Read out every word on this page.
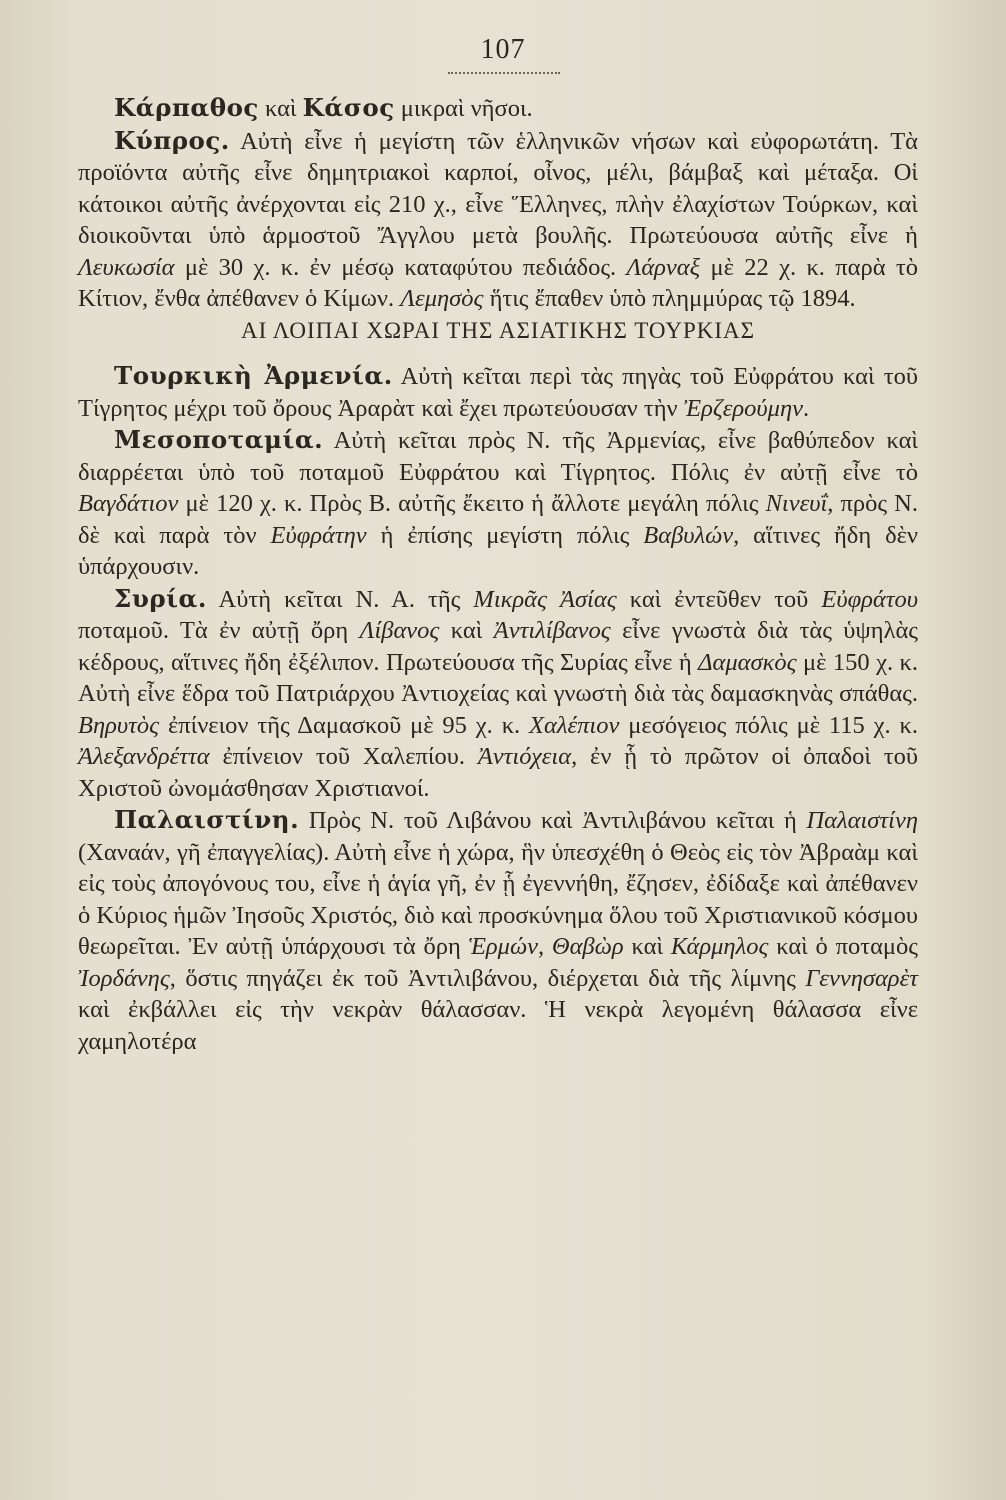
107

Κάρπαθος καὶ Κάσος μικραὶ νῆσοι.

Κύπρος. Αὐτὴ εἶνε ἡ μεγίστη τῶν ἑλληνικῶν νήσων καὶ εὐφορωτάτη. Τὰ προϊόντα αὐτῆς εἶνε δημητριακοὶ καρποί, οἶνος, μέλι, βάμβαξ καὶ μέταξα. Οἱ κάτοικοι αὐτῆς ἀνέρχονται εἰς 210 χ., εἶνε Ἕλληνες, πλὴν ἐλαχίστων Τούρκων, καὶ διοικοῦνται ὑπὸ ἁρμοστοῦ Ἄγγλου μετὰ βουλῆς. Πρωτεύουσα αὐτῆς εἶνε ἡ Λευκωσία μὲ 30 χ. κ. ἐν μέσῳ καταφύτου πεδιάδος. Λάρναξ μὲ 22 χ. κ. παρὰ τὸ Κίτιον, ἔνθα ἀπέθανεν ὁ Κίμων. Λεμησὸς ἥτις ἔπαθεν ὑπὸ πλημμύρας τῷ 1894.

ΑΙ ΛΟΙΠΑΙ ΧΩΡΑΙ ΤΗΣ ΑΣΙΑΤΙΚΗΣ ΤΟΥΡΚΙΑΣ

Τουρκικὴ Ἀρμενία. Αὐτὴ κεῖται περὶ τὰς πηγὰς τοῦ Εὐφράτου καὶ τοῦ Τίγρητος μέχρι τοῦ ὄρους Ἀραρὰτ καὶ ἔχει πρωτεύουσαν τὴν Ἐρζερούμην.

Μεσοποταμία. Αὐτὴ κεῖται πρὸς Ν. τῆς Ἀρμενίας, εἶνε βαθύπεδον καὶ διαρρέεται ὑπὸ τοῦ ποταμοῦ Εὐφράτου καὶ Τίγρητος. Πόλις ἐν αὐτῇ εἶνε τὸ Βαγδάτιον μὲ 120 χ. κ. Πρὸς Β. αὐτῆς ἔκειτο ἡ ἄλλοτε μεγάλη πόλις Νινευΐ, πρὸς Ν. δὲ καὶ παρὰ τὸν Εὐφράτην ἡ ἐπίσης μεγίστη πόλις Βαβυλών, αἵτινες ἤδη δὲν ὑπάρχουσιν.

Συρία. Αὐτὴ κεῖται Ν. Α. τῆς Μικρᾶς Ἀσίας καὶ ἐντεῦθεν τοῦ Εὐφράτου ποταμοῦ. Τὰ ἐν αὐτῇ ὄρη Λίβανος καὶ Ἀντιλίβανος εἶνε γνωστὰ διὰ τὰς ὑψηλὰς κέδρους, αἵτινες ἤδη ἐξέλιπον. Πρωτεύουσα τῆς Συρίας εἶνε ἡ Δαμασκὸς μὲ 150 χ. κ. Αὐτὴ εἶνε ἕδρα τοῦ Πατριάρχου Ἀντιοχείας καὶ γνωστὴ διὰ τὰς δαμασκηνὰς σπάθας. Βηρυτὸς ἐπίνειον τῆς Δαμασκοῦ μὲ 95 χ. κ. Χαλέπιον μεσόγειος πόλις μὲ 115 χ. κ. Ἀλεξανδρέττα ἐπίνειον τοῦ Χαλεπίου. Ἀντιόχεια, ἐν ᾗ τὸ πρῶτον οἱ ὀπαδοὶ τοῦ Χριστοῦ ὠνομάσθησαν Χριστιανοί.

Παλαιστίνη. Πρὸς Ν. τοῦ Λιβάνου καὶ Ἀντιλιβάνου κεῖται ἡ Παλαιστίνη (Χαναάν, γῆ ἐπαγγελίας). Αὐτὴ εἶνε ἡ χώρα, ἣν ὑπεσχέθη ὁ Θεὸς εἰς τὸν Ἀβραὰμ καὶ εἰς τοὺς ἀπογόνους του, εἶνε ἡ ἁγία γῆ, ἐν ᾗ ἐγεννήθη, ἔζησεν, ἐδίδαξε καὶ ἀπέθανεν ὁ Κύριος ἡμῶν Ἰησοῦς Χριστός, διὸ καὶ προσκύνημα ὅλου τοῦ Χριστιανικοῦ κόσμου θεωρεῖται. Ἐν αὐτῇ ὑπάρχουσι τὰ ὄρη Ἑρμών, Θαβὼρ καὶ Κάρμηλος καὶ ὁ ποταμὸς Ἰορδάνης, ὅστις πηγάζει ἐκ τοῦ Ἀντιλιβάνου, διέρχεται διὰ τῆς λίμνης Γεννησαρὲτ καὶ ἐκβάλλει εἰς τὴν νεκρὰν θάλασσαν. Ἡ νεκρὰ λεγομένη θάλασσα εἶνε χαμηλοτέρα
